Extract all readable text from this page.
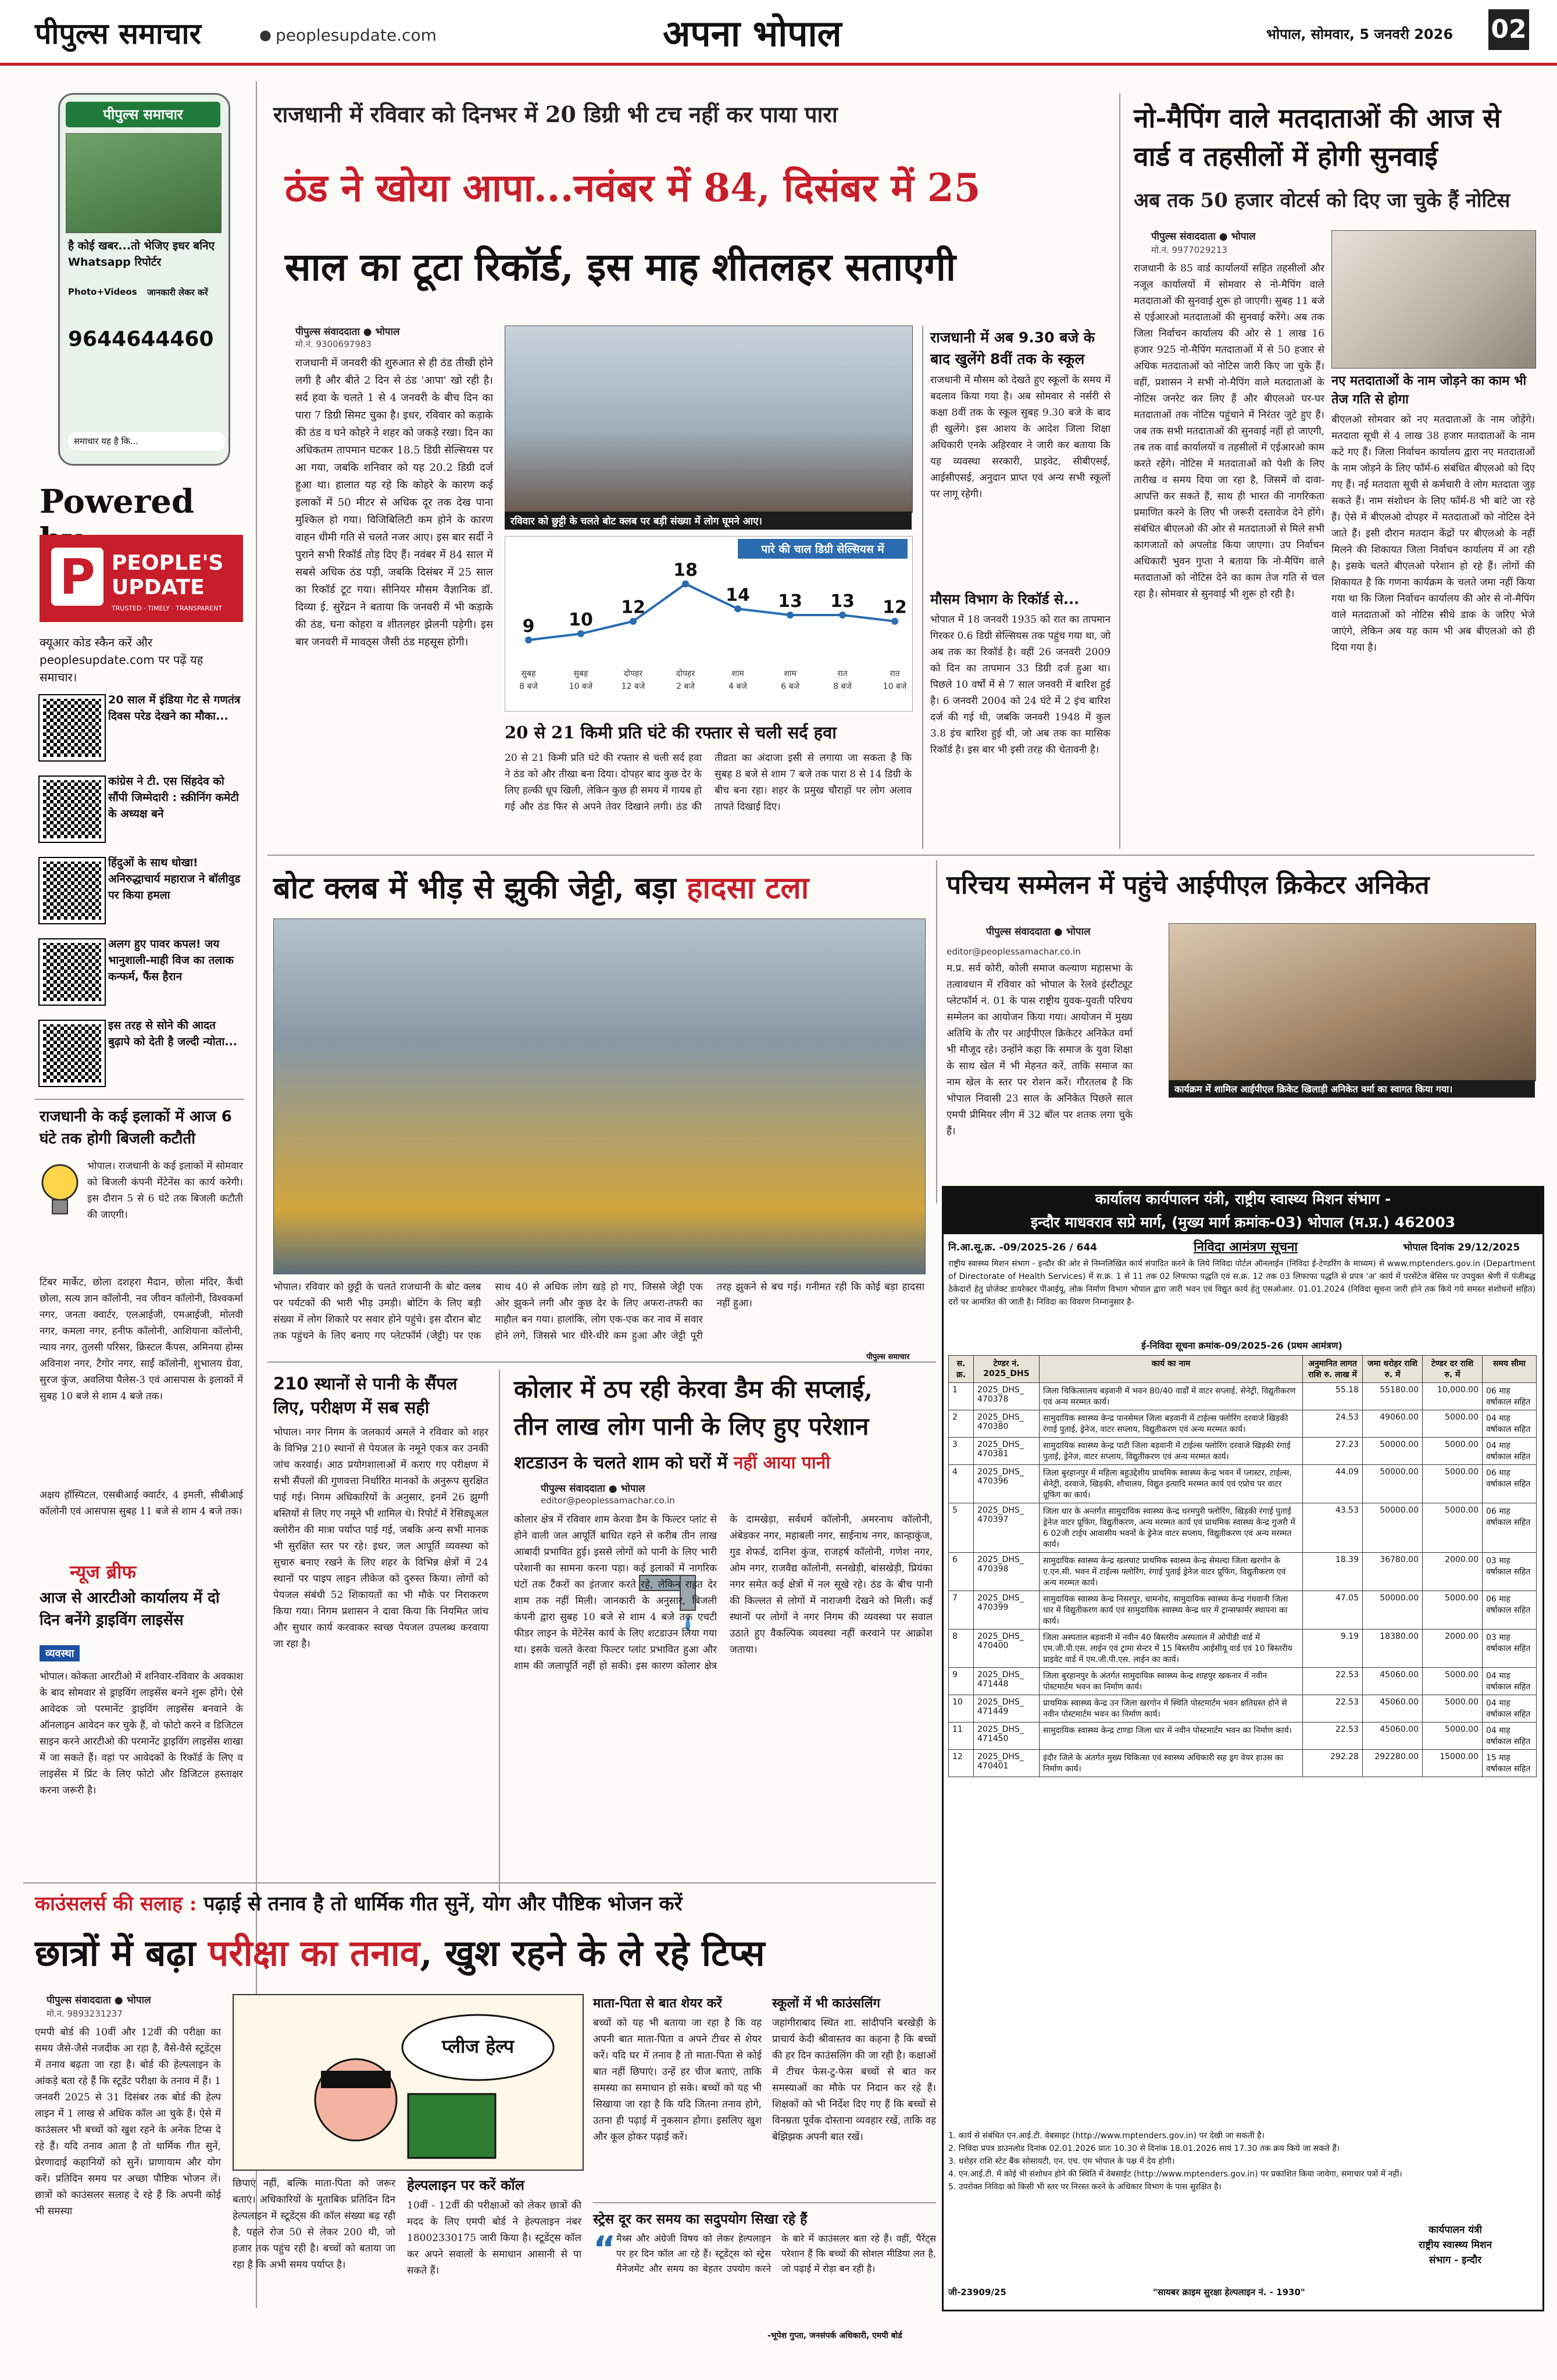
पीपुल्स समाचार	● peoplesupdate.com	अपना भोपाल	भोपाल, सोमवार, 5 जनवरी 2026 02
पीपुल्स समाचार
है कोई खबर...तो भेजिए इधर बनिए Whatsapp रिपोर्टर
Photo+Videos जानकारी लेकर करें
9644644460
समाचार यह है कि...
Powered
P PEOPLE'S UPDATE
TRUSTED · TIMELY · TRANSPARENT
क्यूआर कोड स्कैन करें और peoplesupdate.com पर पढ़ें यह समाचार।
20 साल में इंडिया गेट से गणतंत्र दिवस परेड देखने का मौका...
कांग्रेस ने टी. एस सिंहदेव को सौंपी जिम्मेदारी : स्क्रीनिंग कमेटी के अध्यक्ष बने
हिंदुओं के साथ धोखा! अनिरुद्धाचार्य महाराज ने बॉलीवुड पर किया हमला
अलग हुए पावर कपल! जय भानुशाली-माही विज का तलाक कन्फर्म, फैंस हैरान
इस तरह से सोने की आदत बुढ़ापे को देती है जल्दी न्योता...
राजधानी के कई इलाकों में आज 6 घंटे तक होगी बिजली कटौती
भोपाल। राजधानी के कई इलाकों में सोमवार को बिजली कंपनी मेंटेनेंस का कार्य करेगी। इस दौरान 5 से 6 घंटे तक बिजली कटौती की जाएगी।
टिंबर मार्केट, छोला दशहरा मैदान, छोला मंदिर, कैंची छोला, सत्य ज्ञान कॉलोनी, नव जीवन कॉलोनी, विश्वकर्मा नगर, जनता क्वार्टर, एलआईजी, एमआईजी, मोलवी नगर, कमला नगर, हनीफ कॉलोनी, आशियाना कॉलोनी, न्याय नगर, तुलसी परिसर, क्रिस्टल कैंपस, अमिनया होम्स अविनाश नगर, टैगोर नगर, साईं कॉलोनी, शुभालय ग्रेवा, सुरज कुंज, अवलिया पैलेस-3 एवं आसपास के इलाकों में सुबह 10 बजे से शाम 4 बजे तक।
अक्षय हॉस्पिटल, एसबीआई क्वार्टर, 4 इमली, सीबीआई कॉलोनी एवं आसपास सुबह 11 बजे से शाम 4 बजे तक।
न्यूज ब्रीफ
आज से आरटीओ कार्यालय में दो दिन बनेंगे ड्राइविंग लाइसेंस
व्यवस्था
भोपाल। कोकता आरटीओ में शनिवार-रविवार के अवकाश के बाद सोमवार से ड्राइविंग लाइसेंस बनने शुरू होंगे। ऐसे आवेदक जो परमानेंट ड्राइविंग लाइसेंस बनवाने के ऑनलाइन आवेदन कर चुके हैं, वो फोटो करने व डिजिटल साइन करने आरटीओ की परमानेंट ड्राइविंग लाइसेंस शाखा में जा सकते हैं। वहां पर आवेदकों के रिकॉर्ड के लिए व लाइसेंस में प्रिंट के लिए फोटो और डिजिटल हस्ताक्षर करना जरूरी है।
राजधानी में रविवार को दिनभर में 20 डिग्री भी टच नहीं कर पाया पारा
ठंड ने खोया आपा...नवंबर में 84, दिसंबर में 25
साल का टूटा रिकॉर्ड, इस माह शीतलहर सताएगी
पीपुल्स संवाददाता ● भोपाल
मो.नं. 9300697983
राजधानी में जनवरी की शुरुआत से ही ठंड तीखी होने लगी है और बीते 2 दिन से ठंड 'आपा' खो रही है। सर्द हवा के चलते 1 से 4 जनवरी के बीच दिन का पारा 7 डिग्री सिमट चुका है। इधर, रविवार को कड़ाके की ठंड व घने कोहरे ने शहर को जकड़े रखा। दिन का अधिकतम तापमान घटकर 18.5 डिग्री सेल्सियस पर आ गया, जबकि शनिवार को यह 20.2 डिग्री दर्ज हुआ था। हालात यह रहे कि कोहरे के कारण कई इलाकों में 50 मीटर से अधिक दूर तक देख पाना मुश्किल हो गया। विजिबिलिटी कम होने के कारण वाहन धीमी गति से चलते नजर आए। इस बार सर्दी ने पुराने सभी रिकॉर्ड तोड़ दिए हैं। नवंबर में 84 साल में सबसे अधिक ठंड पड़ी, जबकि दिसंबर में 25 साल का रिकॉर्ड टूट गया। सीनियर मौसम वैज्ञानिक डॉ. दिव्या ई. सुरेंद्रन ने बताया कि जनवरी में भी कड़ाके की ठंड, घना कोहरा व शीतलहर झेलनी पड़ेगी। इस बार जनवरी में मावठ्स जैसी ठंड महसूस होगी।
रविवार को छुट्टी के चलते बोट क्लब पर बड़ी संख्या में लोग घूमने आए।
पारे की चाल डिग्री सेल्सियस में
9
सुबह
8 बजे
10
सुबह
10 बजे
12
दोपहर
12 बजे
18
दोपहर
2 बजे
14
शाम
4 बजे
13
शाम
6 बजे
13
रात
8 बजे
12
रात
10 बजे
20 से 21 किमी प्रति घंटे की रफ्तार से चली सर्द हवा
20 से 21 किमी प्रति घंटे की रफ्तार से चली सर्द हवा ने ठंड को और तीखा बना दिया। दोपहर बाद कुछ देर के लिए हल्की धूप खिली, लेकिन कुछ ही समय में गायब हो गई और ठंड फिर से अपने तेवर दिखाने लगी। ठंड की तीव्रता का अंदाजा इसी से लगाया जा सकता है कि सुबह 8 बजे से शाम 7 बजे तक पारा 8 से 14 डिग्री के बीच बना रहा। शहर के प्रमुख चौराहों पर लोग अलाव तापते दिखाई दिए।
राजधानी में अब 9.30 बजे के बाद खुलेंगे 8वीं तक के स्कूल
राजधानी में मौसम को देखते हुए स्कूलों के समय में बदलाव किया गया है। अब सोमवार से नर्सरी से कक्षा 8वीं तक के स्कूल सुबह 9.30 बजे के बाद ही खुलेंगे। इस आशय के आदेश जिला शिक्षा अधिकारी एनके अहिरवार ने जारी कर बताया कि यह व्यवस्था सरकारी, प्राइवेट, सीबीएसई, आईसीएसई, अनुदान प्राप्त एवं अन्य सभी स्कूलों पर लागू रहेगी।
मौसम विभाग के रिकॉर्ड से...
भोपाल में 18 जनवरी 1935 को रात का तापमान गिरकर 0.6 डिग्री सेल्सियस तक पहुंच गया था, जो अब तक का रिकॉर्ड है। वहीं 26 जनवरी 2009 को दिन का तापमान 33 डिग्री दर्ज हुआ था। पिछले 10 वर्षों में से 7 साल जनवरी में बारिश हुई है। 6 जनवरी 2004 को 24 घंटे में 2 इंच बारिश दर्ज की गई थी, जबकि जनवरी 1948 में कुल 3.8 इंच बारिश हुई थी, जो अब तक का मासिक रिकॉर्ड है। इस बार भी इसी तरह की चेतावनी है।
नो-मैपिंग वाले मतदाताओं की आज से वार्ड व तहसीलों में होगी सुनवाई
अब तक 50 हजार वोटर्स को दिए जा चुके हैं नोटिस
पीपुल्स संवाददाता ● भोपाल
मो.नं. 9977029213
राजधानी के 85 वार्ड कार्यालयों सहित तहसीलों और नजूल कार्यालयों में सोमवार से नो-मैपिंग वाले मतदाताओं की सुनवाई शुरू हो जाएगी। सुबह 11 बजे से एईआरओ मतदाताओं की सुनवाई करेंगे। अब तक जिला निर्वाचन कार्यालय की ओर से 1 लाख 16 हजार 925 नो-मैपिंग मतदाताओं में से 50 हजार से अधिक मतदाताओं को नोटिस जारी किए जा चुके हैं। वहीं, प्रशासन ने सभी नो-मैपिंग वाले मतदाताओं के नोटिस जनरेट कर लिए हैं और बीएलओ घर-घर मतदाताओं तक नोटिस पहुंचाने में निरंतर जुटे हुए हैं। जब तक सभी मतदाताओं की सुनवाई नहीं हो जाएगी, तब तक वार्ड कार्यालयों व तहसीलों में एईआरओ काम करते रहेंगे। नोटिस में मतदाताओं को पेशी के लिए तारीख व समय दिया जा रहा है, जिसमें वो दावा-आपत्ति कर सकते हैं, साथ ही भारत की नागरिकता प्रमाणित करने के लिए भी जरूरी दस्तावेज देने होंगे। संबंधित बीएलओ की ओर से मतदाताओं से मिले सभी कागजातों को अपलोड किया जाएगा। उप निर्वाचन अधिकारी भुवन गुप्ता ने बताया कि नो-मैपिंग वाले मतदाताओं को नोटिस देने का काम तेज गति से चल रहा है। सोमवार से सुनवाई भी शुरू हो रही है।
नए मतदाताओं के नाम जोड़ने का काम भी तेज गति से होगा
बीएलओ सोमवार को नए मतदाताओं के नाम जोड़ेंगे। मतदाता सूची से 4 लाख 38 हजार मतदाताओं के नाम कटे गए हैं। जिला निर्वाचन कार्यालय द्वारा नए मतदाताओं के नाम जोड़ने के लिए फॉर्म-6 संबंधित बीएलओ को दिए गए हैं। नई मतदाता सूची से कर्मचारी वे लोग मतदाता जुड़ सकते हैं। नाम संशोधन के लिए फॉर्म-8 भी बांटे जा रहे हैं। ऐसे में बीएलओ दोपहर में मतदाताओं को नोटिस देने जाते हैं। इसी दौरान मतदान केंद्रों पर बीएलओ के नहीं मिलने की शिकायत जिला निर्वाचन कार्यालय में आ रही है। इसके चलते बीएलओ परेशान हो रहे हैं। लोगों की शिकायत है कि गणना कार्यक्रम के चलते जमा नहीं किया गया था कि जिला निर्वाचन कार्यालय की ओर से नो-मैपिंग वाले मतदाताओं को नोटिस सीधे डाक के जरिए भेजे जाएंगे, लेकिन अब यह काम भी अब बीएलओ को ही दिया गया है।
बोट क्लब में भीड़ से झुकी जेट्टी, बड़ा हादसा टला
भोपाल। रविवार को छुट्टी के चलते राजधानी के बोट क्लब पर पर्यटकों की भारी भीड़ उमड़ी। बोटिंग के लिए बड़ी संख्या में लोग शिकारे पर सवार होने पहुंचे। इस दौरान बोट तक पहुंचने के लिए बनाए गए प्लेटफॉर्म (जेट्टी) पर एक साथ 40 से अधिक लोग खड़े हो गए, जिससे जेट्टी एक ओर झुकने लगी और कुछ देर के लिए अफरा-तफरी का माहौल बन गया। हालांकि, लोग एक-एक कर नाव में सवार होने लगे, जिससे भार धीरे-धीरे कम हुआ और जेट्टी पूरी तरह झुकने से बच गई। गनीमत रही कि कोई बड़ा हादसा नहीं हुआ।
पीपुल्स समाचार
परिचय सम्मेलन में पहुंचे आईपीएल क्रिकेटर अनिकेत
पीपुल्स संवाददाता ● भोपाल
editor@peoplessamachar.co.in
म.प्र. सर्व कोरी, कोली समाज कल्याण महासभा के तत्वावधान में रविवार को भोपाल के रेलवे इंस्टीट्यूट प्लेटफॉर्म नं. 01 के पास राष्ट्रीय युवक-युवती परिचय सम्मेलन का आयोजन किया गया। आयोजन में मुख्य अतिथि के तौर पर आईपीएल क्रिकेटर अनिकेत वर्मा भी मौजूद रहे। उन्होंने कहा कि समाज के युवा शिक्षा के साथ खेल में भी मेहनत करें, ताकि समाज का नाम खेल के स्तर पर रोशन करें। गौरतलब है कि भोपाल निवासी 23 साल के अनिकेत पिछले साल एमपी प्रीमियर लीग में 32 बॉल पर शतक लगा चुके हैं।
कार्यक्रम में शामिल आईपीएल क्रिकेट खिलाड़ी अनिकेत वर्मा का स्वागत किया गया।
कार्यालय कार्यपालन यंत्री, राष्ट्रीय स्वास्थ्य मिशन संभाग -
इन्दौर माधवराव सप्रे मार्ग, (मुख्य मार्ग क्रमांक-03) भोपाल (म.प्र.) 462003
नि.आ.सू.क्र. -09/2025-26 / 644	निविदा आमंत्रण सूचना	भोपाल दिनांक 29/12/2025
राष्ट्रीय स्वास्थ्य मिशन संभाग - इन्दौर की ओर से निम्नलिखित कार्य संपादित करने के लिये निविदा पोर्टल ऑनलाईन (निविदा ई-टेण्डरिंग के माध्यम) से www.mptenders.gov.in (Department of Directorate of Health Services) में स.क्र. 1 से 11 तक 02 लिफाफा पद्धति एवं स.क्र. 12 तक 03 लिफाफा पद्धति से प्रपत्र 'अ' कार्य में परसेंटेज बेसिस पर उपयुक्त श्रेणी में पंजीबद्ध ठेकेदारों हेतु प्रोजेक्ट डायरेक्टर पीआईयू, लोक निर्माण विभाग भोपाल द्वारा जारी भवन एवं विद्युत कार्य हेतु एसओआर. 01.01.2024 (निविदा सूचना जारी होने तक किये गये समस्त संशोधनों सहित) दरों पर आमंत्रित की जाती है। निविदा का विवरण निम्नानुसार है-
ई-निविदा सूचना क्रमांक-09/2025-26 (प्रथम आमंत्रण)
स. क्र.	टेण्डर नं. 2025_DHS	कार्य का नाम	अनुमानित लागत राशि रु. लाख में	जमा धरोहर राशि रु. में	टेण्डर दर राशि रु. में	समय सीमा
1	2025_DHS_ 470378	जिला चिकित्सालय बड़वानी में भवन 80/40 वार्डों में वाटर सप्लाई, सेनेट्री, विद्युतीकरण एवं अन्य मरम्मत कार्य।	55.18	55180.00	10,000.00	06 माह वर्षाकाल सहित
2	2025_DHS_ 470380	सामुदायिक स्वास्थ्य केन्द्र पानसेमल जिला बड़वानी में टाईल्स फ्लोरिंग दरवाजे खिड़की रंगाई पुताई, ड्रेनेज, वाटर सप्लाय, विद्युतीकरण एवं अन्य मरम्मत कार्य।	24.53	49060.00	5000.00	04 माह वर्षाकाल सहित
3	2025_DHS_ 470381	सामुदायिक स्वास्थ्य केन्द्र पाटी जिला बड़वानी में टाईल्स फ्लोरिंग दरवाजे खिड़की रंगाई पुताई, ड्रेनेज, वाटर सप्लाय, विद्युतीकरण एवं अन्य मरम्मत कार्य।	27.23	50000.00	5000.00	04 माह वर्षाकाल सहित
4	2025_DHS_ 470396	जिला बुरहानपुर में महिला बहुउद्देशीय प्राथमिक स्वास्थ्य केन्द्र भवन में प्लास्टर, टाईल्स, सेनेट्री, दरवाजे, खिड़की, शौचालय, विद्युत इत्यादि मरम्मत कार्य एवं एप्रोच पर वाटर प्रूफिंग का कार्य।	44.09	50000.00	5000.00	06 माह वर्षाकाल सहित
5	2025_DHS_ 470397	जिला धार के अन्तर्गत सामुदायिक स्वास्थ्य केन्द्र धरमपुरी फ्लोरिंग, खिड़की रंगाई पुताई ड्रेनेज वाटर प्रूफिंग, विद्युतीकरण, अन्य मरम्मत कार्य एवं प्राथमिक स्वास्थ्य केन्द्र गुजरी में 6 02जी टाईप आवासीय भवनों के ड्रेनेज वाटर सप्लाय, विद्युतीकरण एवं अन्य मरम्मत कार्य।	43.53	50000.00	5000.00	06 माह वर्षाकाल सहित
6	2025_DHS_ 470398	सामुदायिक स्वास्थ्य केन्द्र खलघाट प्राथमिक स्वास्थ्य केन्द्र सेमल्दा जिला खरगोन के ए.एन.सी. भवन में टाईल्स फ्लोरिंग, रंगाई पुताई ड्रेनेज वाटर प्रूफिंग, विद्युतीकरण एवं अन्य मरम्मत कार्य।	18.39	36780.00	2000.00	03 माह वर्षाकाल सहित
7	2025_DHS_ 470399	सामुदायिक स्वास्थ्य केन्द्र निसरपुर, धामनोद, सामुदायिक स्वास्थ्य केन्द्र गंधवानी जिला धार में विद्युतीकरण कार्य एवं सामुदायिक स्वास्थ्य केन्द्र धार में ट्रान्सफार्मर स्थापना का कार्य।	47.05	50000.00	5000.00	06 माह वर्षाकाल सहित
8	2025_DHS_ 470400	जिला अस्पताल बड़वानी में नवीन 40 बिस्तरीय अस्पताल में ओपीडी वार्ड में एम.जी.पी.एस. लाईन एवं ट्रामा सेन्टर में 15 बिस्तरीय आईसीयू वार्ड एवं 10 बिस्तरीय प्राइवेट वार्ड में एम.जी.पी.एस. लाईन का कार्य।	9.19	18380.00	2000.00	03 माह वर्षाकाल सहित
9	2025_DHS_ 471448	जिला बुरहानपुर के अंतर्गत सामुदायिक स्वास्थ्य केन्द्र शाहपुर खकनार में नवीन पोस्टमार्टम भवन का निर्माण कार्य।	22.53	45060.00	5000.00	04 माह वर्षाकाल सहित
10	2025_DHS_ 471449	प्राथमिक स्वास्थ्य केन्द्र उन जिला खरगोन में स्थिति पोस्टमार्टम भवन क्षतिग्रस्त होने से नवीन पोस्टमार्टम भवन का निर्माण कार्य।	22.53	45060.00	5000.00	04 माह वर्षाकाल सहित
11	2025_DHS_ 471450	सामुदायिक स्वास्थ्य केन्द्र टाण्डा जिला धार में नवीन पोस्टमार्टम भवन का निर्माण कार्य।	22.53	45060.00	5000.00	04 माह वर्षाकाल सहित
12	2025_DHS_ 470401	इंदौर जिले के अंतर्गत मुख्य चिकित्सा एवं स्वास्थ्य अधिकारी सह ड्रग वेयर हाउस का निर्माण कार्य।	292.28	292280.00	15000.00	15 माह वर्षाकाल सहित
1. कार्य से संबंधित एन.आई.टी. वेबसाइट (http://www.mptenders.gov.in) पर देखी जा सकती है।
2. निविदा प्रपत्र डाउनलोड दिनांक 02.01.2026 प्रातः 10.30 से दिनांक 18.01.2026 सायं 17.30 तक क्रय किये जा सकते हैं।
3. धरोहर राशि स्टेट बैंक सोसायटी, एन. एच. एम भोपाल के पक्ष में देय होगी।
4. एन.आई.टी. में कोई भी संशोधन होने की स्थिति में वेबसाईट (http://www.mptenders.gov.in) पर प्रकाशित किया जावेगा, समाचार पत्रों में नहीं।
5. उपरोक्त निविदा को किसी भी स्तर पर निरस्त करने के अधिकार विभाग के पास सुरक्षित है।
कार्यपालन यंत्री
राष्ट्रीय स्वास्थ्य मिशन
संभाग - इन्दौर
जी-23909/25	"सायबर क्राइम सुरक्षा हेल्पलाइन नं. - 1930"
210 स्थानों से पानी के सैंपल लिए, परीक्षण में सब सही
भोपाल। नगर निगम के जलकार्य अमले ने रविवार को शहर के विभिन्न 210 स्थानों से पेयजल के नमूने एकत्र कर उनकी जांच करवाई। आठ प्रयोगशालाओं में कराए गए परीक्षण में सभी सैंपलों की गुणवत्ता निर्धारित मानकों के अनुरूप सुरक्षित पाई गई। निगम अधिकारियों के अनुसार, इनमें 26 झुग्गी बस्तियों से लिए गए नमूने भी शामिल थे। रिपोर्ट में रेसिड्यूअल क्लोरीन की मात्रा पर्याप्त पाई गई, जबकि अन्य सभी मानक भी सुरक्षित स्तर पर रहे। इधर, जल आपूर्ति व्यवस्था को सुचारु बनाए रखने के लिए शहर के विभिन्न क्षेत्रों में 24 स्थानों पर पाइप लाइन लीकेज को दुरुस्त किया। लोगों को पेयजल संबंधी 52 शिकायतों का भी मौके पर निराकरण किया गया। निगम प्रशासन ने दावा किया कि नियमित जांच और सुधार कार्य करवाकर स्वच्छ पेयजल उपलब्ध करवाया जा रहा है।
कोलार में ठप रही केरवा डैम की सप्लाई,
तीन लाख लोग पानी के लिए हुए परेशान
शटडाउन के चलते शाम को घरों में नहीं आया पानी
पीपुल्स संवाददाता ● भोपाल
editor@peoplessamachar.co.in
कोलार क्षेत्र में रविवार शाम केरवा डैम के फिल्टर प्लांट से होने वाली जल आपूर्ति बाधित रहने से करीब तीन लाख आबादी प्रभावित हुई। इससे लोगों को पानी के लिए भारी परेशानी का सामना करना पड़ा। कई इलाकों में नागरिक घंटों तक टैंकरों का इंतजार करते रहे, लेकिन राहत देर शाम तक नहीं मिली। जानकारी के अनुसार, बिजली कंपनी द्वारा सुबह 10 बजे से शाम 4 बजे तक एचटी फीडर लाइन के मेंटेनेंस कार्य के लिए शटडाउन लिया गया था। इसके चलते केरवा फिल्टर प्लांट प्रभावित हुआ और शाम की जलापूर्ति नहीं हो सकी। इस कारण कोलार क्षेत्र के दामखेड़ा, सर्वधर्म कॉलोनी, अमरनाथ कॉलोनी, अंबेडकर नगर, महाबली नगर, साईनाथ नगर, कान्हाकुंज, गुड शेफर्ड, दानिश कुंज, राजहर्ष कॉलोनी, गणेश नगर, ओम नगर, राजवैद्य कॉलोनी, सनखेड़ी, बांसखेड़ी, प्रियंका नगर समेत कई क्षेत्रों में नल सूखे रहे। ठंड के बीच पानी की किल्लत से लोगों में नाराजगी देखने को मिली। कई स्थानों पर लोगों ने नगर निगम की व्यवस्था पर सवाल उठाते हुए वैकल्पिक व्यवस्था नहीं करवाने पर आक्रोश जताया।
काउंसलर्स की सलाह : पढ़ाई से तनाव है तो धार्मिक गीत सुनें, योग और पौष्टिक भोजन करें
छात्रों में बढ़ा परीक्षा का तनाव, खुश रहने के ले रहे टिप्स
पीपुल्स संवाददाता ● भोपाल
मो.नं. 9893231237
एमपी बोर्ड की 10वीं और 12वीं की परीक्षा का समय जैसे-जैसे नजदीक आ रहा है, वैसे-वैसे स्टूडेंट्स में तनाव बढ़ता जा रहा है। बोर्ड की हेल्पलाइन के आंकड़े बता रहे हैं कि स्टूडेंट परीक्षा के तनाव में हैं। 1 जनवरी 2025 से 31 दिसंबर तक बोर्ड की हेल्प लाइन में 1 लाख से अधिक कॉल आ चुके हैं। ऐसे में काउंसलर भी बच्चों को खुश रहने के अनेक टिप्स दे रहे हैं। यदि तनाव आता है तो धार्मिक गीत सुनें, प्रेरणादाई कहानियों को सुनें। प्राणायाम और योग करें। प्रतिदिन समय पर अच्छा पौष्टिक भोजन लें। छात्रों को काउंसलर सलाह दे रहे हैं कि अपनी कोई भी समस्या
प्लीज हेल्प
छिपाएं नहीं, बल्कि माता-पिता को जरूर बताएं। अधिकारियों के मुताबिक प्रतिदिन दिन हेल्पलाइन में स्टूडेंट्स की कॉल संख्या बढ़ रही है, पहले रोज 50 से लेकर 200 थी, जो हजार तक पहुंच रही है। बच्चों को बताया जा रहा है कि अभी समय पर्याप्त है।
हेल्पलाइन पर करें कॉल
10वीं - 12वीं की परीक्षाओं को लेकर छात्रों की मदद के लिए एमपी बोर्ड ने हेल्पलाइन नंबर 18002330175 जारी किया है। स्टूडेंट्स कॉल कर अपने सवालों के समाधान आसानी से पा सकते हैं।
माता-पिता से बात शेयर करें
बच्चों को यह भी बताया जा रहा है कि वह अपनी बात माता-पिता व अपने टीचर से शेयर करें। यदि घर में तनाव है तो माता-पिता से कोई बात नहीं छिपाएं। उन्हें हर चीज बताएं, ताकि समस्या का समाधान हो सके। बच्चों को यह भी सिखाया जा रहा है कि यदि जितना तनाव होगे, उतना ही पढ़ाई में नुकसान होगा। इसलिए खुश और कूल होकर पढ़ाई करें।
स्कूलों में भी काउंसलिंग
जहांगीराबाद स्थित शा. सांदीपनि बरखेड़ी के प्राचार्य केदी श्रीवास्तव का कहना है कि बच्चों की हर दिन काउंसलिंग की जा रही है। कक्षाओं में टीचर फेस-टु-फेस बच्चों से बात कर समस्याओं का मौके पर निदान कर रहे हैं। शिक्षकों को भी निर्देश दिए गए हैं कि बच्चों से विनम्रता पूर्वक दोस्ताना व्यवहार रखें, ताकि वह बेझिझक अपनी बात रखें।
स्ट्रेस दूर कर समय का सदुपयोग सिखा रहे हैं
“ मैथ्स और अंग्रेजी विषय को लेकर हेल्पलाइन पर हर दिन कॉल आ रहे हैं। स्टूडेंट्स को स्ट्रेस मैनेजमेंट और समय का बेहतर उपयोग करने के बारे में काउंसलर बता रहे हैं। वहीं, पैरेंट्स परेशान हैं कि बच्चों की सोशल मीडिया लत है, जो पढ़ाई में रोड़ा बन रही है।
-भूपेश गुप्ता, जनसंपर्क अधिकारी, एमपी बोर्ड
